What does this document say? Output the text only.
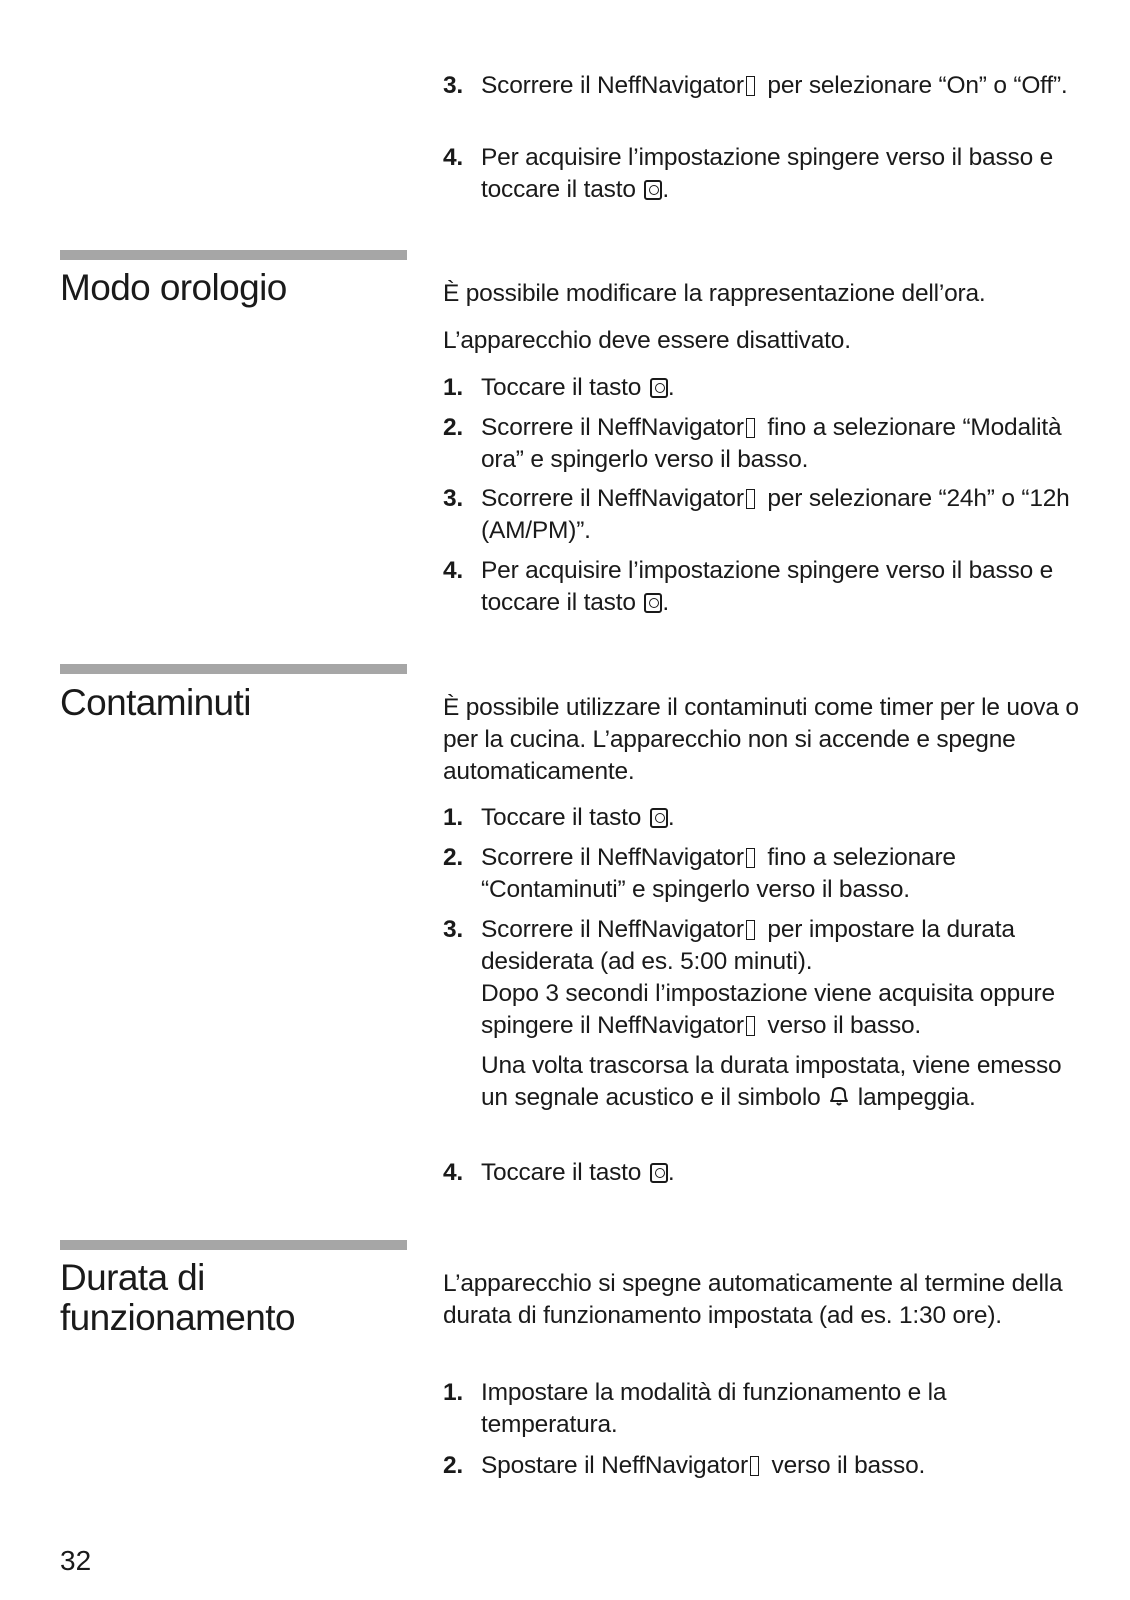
3. Scorrere il NeffNavigator per selezionare “On” o “Off”.
4. Per acquisire l’impostazione spingere verso il basso e toccare il tasto .
Modo orologio	È possibile modificare la rappresentazione dell’ora.
L’apparecchio deve essere disattivato.
1. Toccare il tasto .
2. Scorrere il NeffNavigator fino a selezionare “Modalità ora” e spingerlo verso il basso.
3. Scorrere il NeffNavigator per selezionare “24h” o “12h (AM/PM)”.
4. Per acquisire l’impostazione spingere verso il basso e toccare il tasto .
Contaminuti	È possibile utilizzare il contaminuti come timer per le uova o per la cucina. L’apparecchio non si accende e spegne automaticamente.
1. Toccare il tasto .
2. Scorrere il NeffNavigator fino a selezionare “Contaminuti” e spingerlo verso il basso.
3. Scorrere il NeffNavigator per impostare la durata desiderata (ad es. 5:00 minuti).
Dopo 3 secondi l’impostazione viene acquisita oppure spingere il NeffNavigator verso il basso.
Una volta trascorsa la durata impostata, viene emesso un segnale acustico e il simbolo  lampeggia.
4. Toccare il tasto .
Durata di
funzionamento
L’apparecchio si spegne automaticamente al termine della durata di funzionamento impostata (ad es. 1:30 ore).
1. Impostare la modalità di funzionamento e la temperatura.
2. Spostare il NeffNavigator verso il basso.
32
